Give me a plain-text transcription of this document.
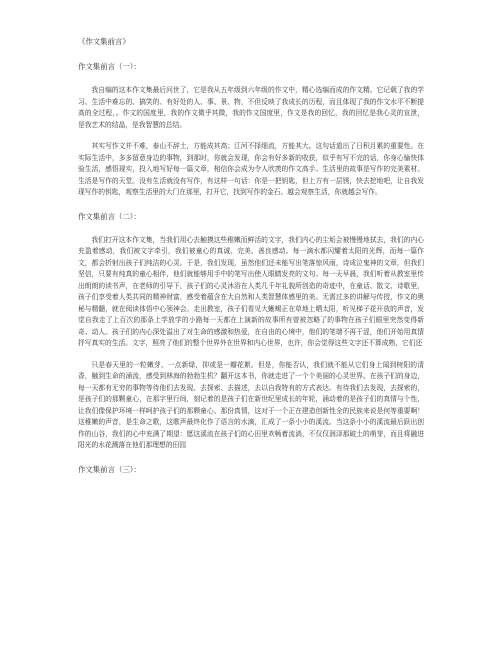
《作文集前言》
作文集前言（一）：

我自编的这本作文集最后问世了，它是我从五年级到六年级的作文中，精心选编而成的作文精。它记载了我的学习、生活中难忘的、搞笑的、有好处的人、事、景、物，不但反映了我成长的历程，而且体现了我的作文水平不断提高的全过程，。作文的国度里，我的作文微乎其微，我的作文国度里，作文是我的回忆，我的回忆是我心灵的宣泄，是我艺术的结晶，是我智慧的总结。

其实写作文并不难，泰山不辞土，方能成其高；江河不择细流，方能其大。这句话道出了日积月累的重要性。在实际生活中，多多留意身边的事物，到那时，你就会发现，你会有好多新的收获，似乎有写不完的话，你身心愉快体验生活，感悟现实，投入地写好每一篇文章，相信你会成为令人欣羡的作文高手。生活里的故事是写作的完美素材。生活是写作的天堂。没有生活就没有写作，有这样一句话：你是一把钥匙，但上方有一层锈，快去挖地吧，让自我发现写作的钥匙，观察生活里的大门在那里，打开它，找到写作的金石。越会观察生活，你就越会写作。

作文集前言（二）：

我们打开这本作文集，当我们用心去触摸这些稚嫩而鲜活的文字，我们内心的尘垢会被慢慢地拭去，我们的内心充盈着感动，我们被文字牵引，我们被童心的真诚、完美、善良感动。每一滴水都闪耀着太阳的光辉，而每一篇作文，都会折射出孩子们纯洁的心灵。于是，我们发现，虽然他们还未能写出笔落惊风雨，诗成泣鬼神的文章，但我们坚信，只要有纯真的童心相伴，他们就能够用手中的笔写出使人眼睛发亮的文句。每一天早晨，我们听着从教室里传出朗朗的读书声，在老师的引导下，孩子们的心灵沐浴在人类几千年礼貌所创造的奇迹中，在童话、散文、诗歌里，孩子们享受着人类共同的精神财富，感受着蕴含在大自然和人类智慧体感里的美。无需过多的讲解与传授，作文的奥秘与精髓，就在阅读体悟中心领神会。走出教室，孩子们看见大蜥蜴正在草地上晒太阳，听见梯子花开放的声音，发觉自我走了上百次的那条上学放学的小路每一天都在上演新的故事所有曾被忽略了的事物在孩子们眼里突然变得新奇、动人。孩子们的内心深处溢出了对生命的感激和热爱，在自由的心境中，他们的笔端不再干涩，他们开始用真情抒写真实的生活。文字，照亮了他们的整个世界外在世界和内心世界，也许，你会觉得这些文字还不算成熟，它们还

只是春天里的一粒嫩芽、一点新绿，抑或是一瓣花絮。但是，你能否认，我们就不能从它们身上闻到树阳的清香，触到生命的涌流，感受到林海的勃勃生机？翻开这本书，你就走进了一个个美丽的心灵世界。在孩子们的身边，每一天都有无穷的事物等待他们去发现、去探索、去描述，去以自我特有的方式表达。有待我们去发现，去探索的，是孩子们的那颗童心，在那字里行间，刻记着的是孩子们在新世纪里成长的年轮，涌动着的是孩子们的真情与个性，让我们像保护环境一样呵护孩子们的那颗童心、那份真情，这对于一个正在建造创新性全的民族来说是何等重要啊！这稚嫩的声音，是生命之歌，这歌声最终化作了语言的水滴，汇成了一条小小的溪流。当这条小小的溪流最后跃出创作的山谷，我们的心中充满了期望：愿这溪流在孩子们的心田里欢畅着流淌，不仅仅润泽那破土的萌芽，而且将融进阳光的水花溅落在他们那理想的田园

作文集前言（三）：
